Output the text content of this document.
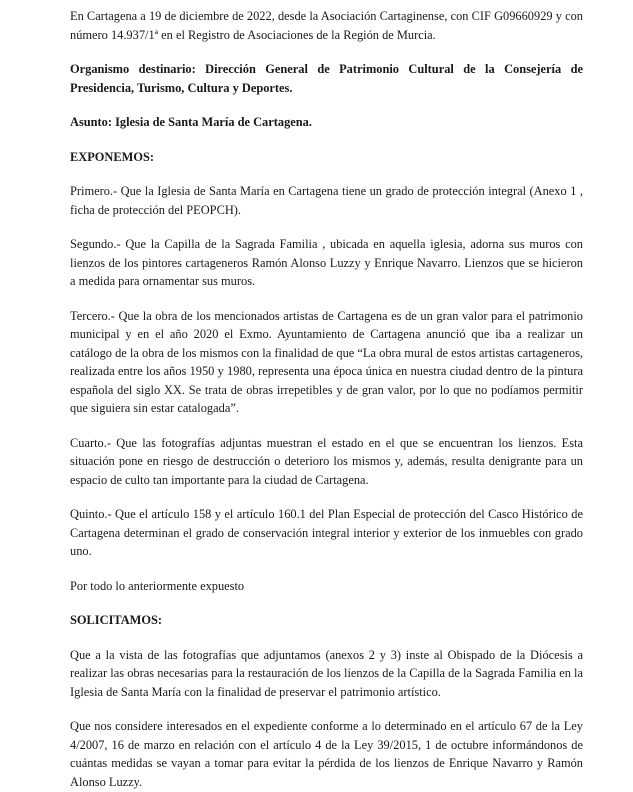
En Cartagena a 19 de diciembre de 2022, desde la Asociación Cartaginense, con CIF G09660929 y con número 14.937/1ª en el Registro de Asociaciones de la Región de Murcia.

Organismo destinario: Dirección General de Patrimonio Cultural de la Consejería de Presidencia, Turismo, Cultura y Deportes.

Asunto: Iglesia de Santa María de Cartagena.

EXPONEMOS:

Primero.- Que la Iglesia de Santa María en Cartagena tiene un grado de protección integral (Anexo 1 , ficha de protección del PEOPCH).

Segundo.- Que la Capilla de la Sagrada Familia , ubicada en aquella iglesia, adorna sus muros con lienzos de los pintores cartageneros Ramón Alonso Luzzy y Enrique Navarro. Lienzos que se hicieron a medida para ornamentar sus muros.

Tercero.- Que la obra de los mencionados artistas de Cartagena es de un gran valor para el patrimonio municipal y en el año 2020 el Exmo. Ayuntamiento de Cartagena anunció que iba a realizar un catálogo de la obra de los mismos con la finalidad de que “La obra mural de estos artistas cartageneros, realizada entre los años 1950 y 1980, representa una época única en nuestra ciudad dentro de la pintura española del siglo XX. Se trata de obras irrepetibles y de gran valor, por lo que no podíamos permitir que siguiera sin estar catalogada”.

Cuarto.- Que las fotografías adjuntas muestran el estado en el que se encuentran los lienzos. Esta situación pone en riesgo de destrucción o deterioro los mismos y, además, resulta denigrante para un espacio de culto tan importante para la ciudad de Cartagena.

Quinto.- Que el artículo 158 y el artículo 160.1 del Plan Especial de protección del Casco Histórico de Cartagena determinan el grado de conservación integral interior y exterior de los inmuebles con grado uno.

Por todo lo anteriormente expuesto

SOLICITAMOS:

Que a la vista de las fotografías que adjuntamos (anexos 2 y 3) inste al Obispado de la Diócesis a realizar las obras necesarias para la restauración de los lienzos de la Capilla de la Sagrada Familia en la Iglesia de Santa María con la finalidad de preservar el patrimonio artístico.

Que nos considere interesados en el expediente conforme a lo determinado en el artículo 67 de la Ley 4/2007, 16 de marzo en relación con el artículo 4 de la Ley 39/2015, 1 de octubre informándonos de cuántas medidas se vayan a tomar para evitar la pérdida de los lienzos de Enrique Navarro y Ramón Alonso Luzzy.
